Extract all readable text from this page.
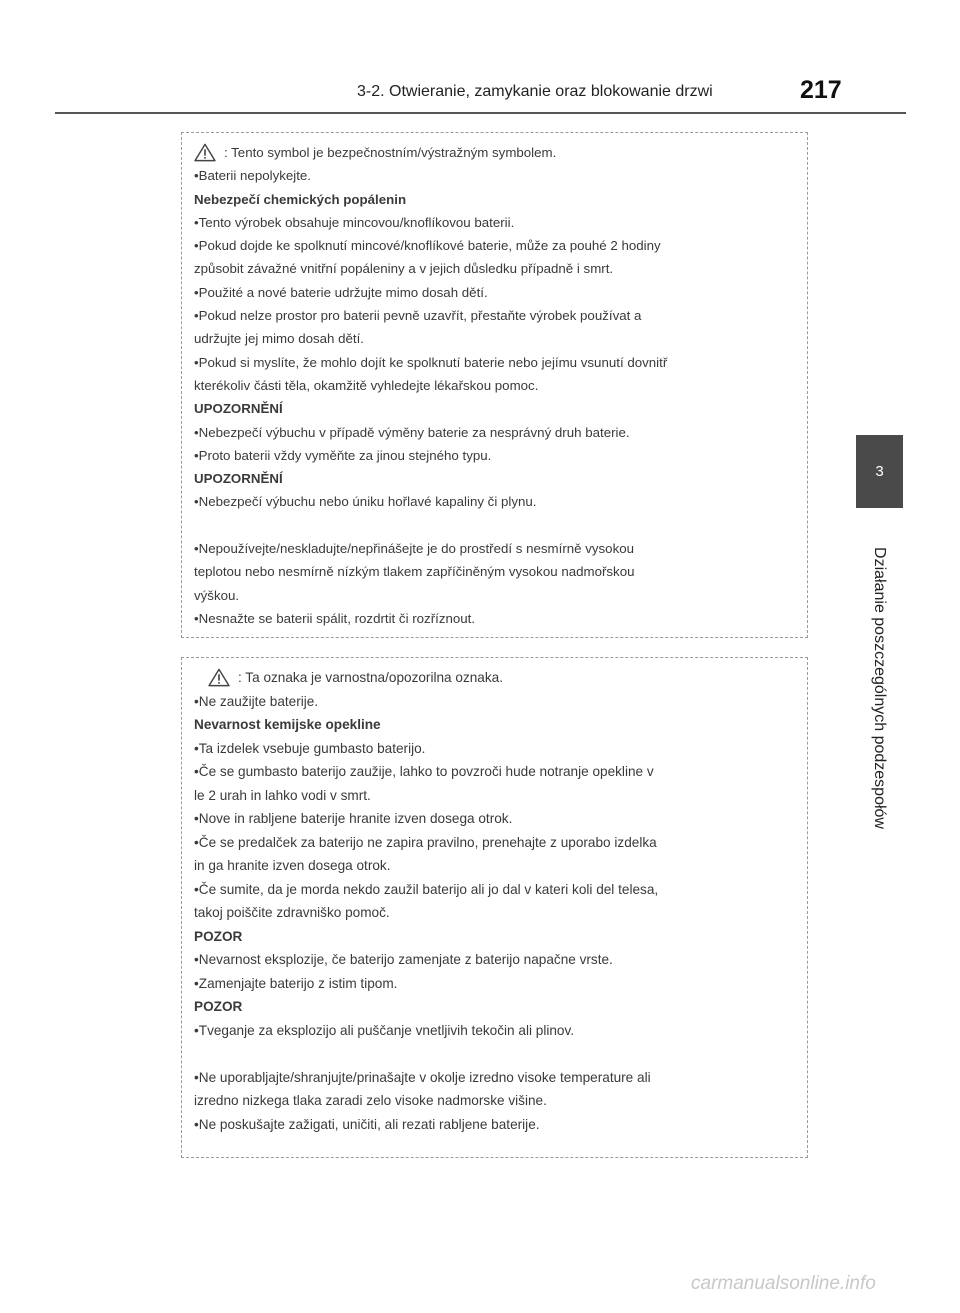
3-2. Otwieranie, zamykanie oraz blokowanie drzwi	217
3
Działanie poszczególnych podzespołów
: Tento symbol je bezpečnostním/výstražným symbolem.
•Baterii nepolykejte.
Nebezpečí chemických popálenin
•Tento výrobek obsahuje mincovou/knoflíkovou baterii.
•Pokud dojde ke spolknutí mincové/knoflíkové baterie, může za pouhé 2 hodiny
způsobit závažné vnitřní popáleniny a v jejich důsledku případně i smrt.
•Použité a nové baterie udržujte mimo dosah dětí.
•Pokud nelze prostor pro baterii pevně uzavřít, přestaňte výrobek používat a
udržujte jej mimo dosah dětí.
•Pokud si myslíte, že mohlo dojít ke spolknutí baterie nebo jejímu vsunutí dovnitř
kterékoliv části těla, okamžitě vyhledejte lékařskou pomoc.
UPOZORNĚNÍ
•Nebezpečí výbuchu v případě výměny baterie za nesprávný druh baterie.
•Proto baterii vždy vyměňte za jinou stejného typu.
UPOZORNĚNÍ
•Nebezpečí výbuchu nebo úniku hořlavé kapaliny či plynu.
•Nepoužívejte/neskladujte/nepřinášejte je do prostředí s nesmírně vysokou
teplotou nebo nesmírně nízkým tlakem zapříčiněným vysokou nadmořskou
výškou.
•Nesnažte se baterii spálit, rozdrtit či rozříznout.
: Ta oznaka je varnostna/opozorilna oznaka.
•Ne zaužijte baterije.
Nevarnost kemijske opekline
•Ta izdelek vsebuje gumbasto baterijo.
•Če se gumbasto baterijo zaužije, lahko to povzroči hude notranje opekline v
le 2 urah in lahko vodi v smrt.
•Nove in rabljene baterije hranite izven dosega otrok.
•Če se predalček za baterijo ne zapira pravilno, prenehajte z uporabo izdelka
in ga hranite izven dosega otrok.
•Če sumite, da je morda nekdo zaužil baterijo ali jo dal v kateri koli del telesa,
takoj poiščite zdravniško pomoč.
POZOR
•Nevarnost eksplozije, če baterijo zamenjate z baterijo napačne vrste.
•Zamenjajte baterijo z istim tipom.
POZOR
•Tveganje za eksplozijo ali puščanje vnetljivih tekočin ali plinov.
•Ne uporabljajte/shranjujte/prinašajte v okolje izredno visoke temperature ali
izredno nizkega tlaka zaradi zelo visoke nadmorske višine.
•Ne poskušajte zažigati, uničiti, ali rezati rabljene baterije.
carmanualsonline.info
